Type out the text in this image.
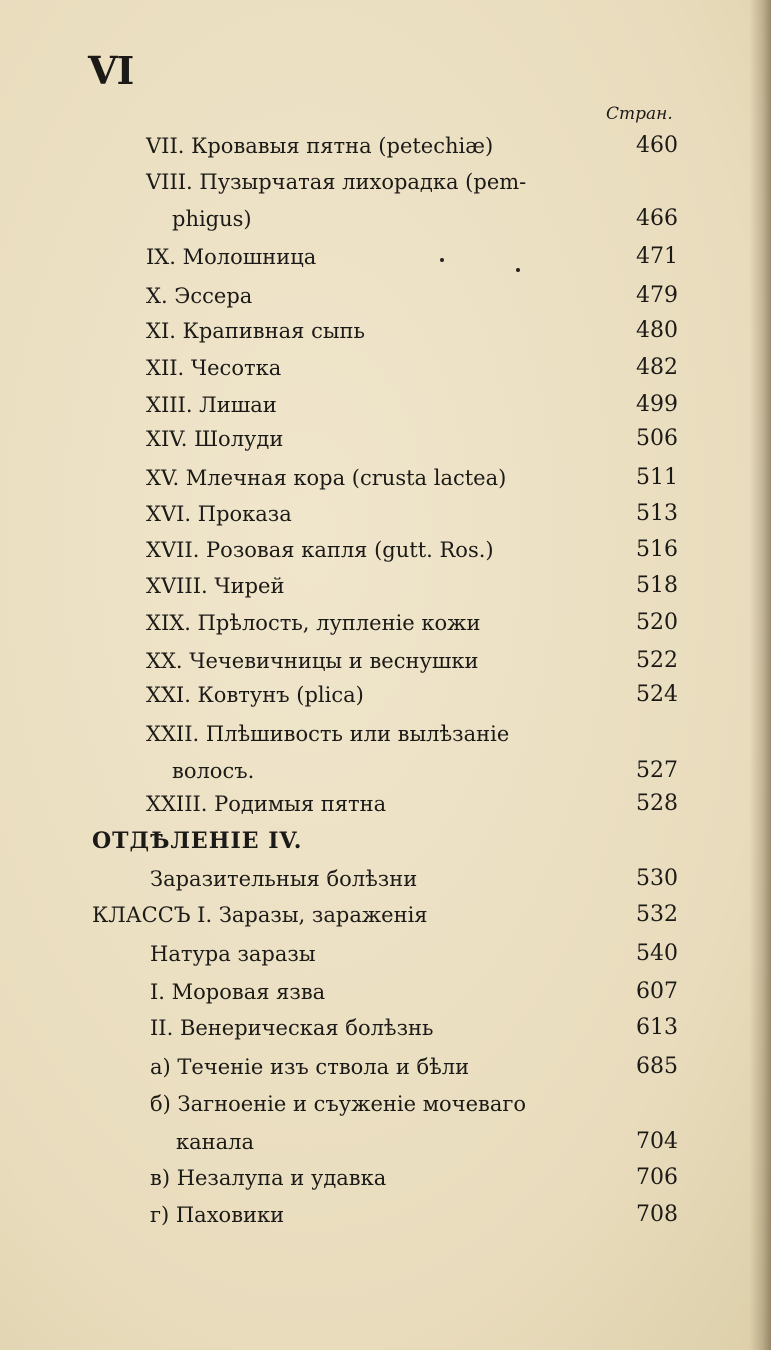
VI
Стран.
VII. Кровавыя пятна (petechiæ)	460
VIII. Пузырчатая лихорадка (pem-
phigus)	466
IX. Молошница	471
X. Эссера	479
XI. Крапивная сыпь	480
XII. Чесотка	482
XIII. Лишаи	499
XIV. Шолуди	506
XV. Млечная кора (crusta lactea)	511
XVI. Проказа	513
XVII. Розовая капля (gutt. Ros.)	516
XVIII. Чирей	518
XIX. Прѣлость, лупленіе кожи	520
XX. Чечевичницы и веснушки	522
XXI. Ковтунъ (plica)	524
XXII. Плѣшивость или вылѣзаніе
волосъ.	527
XXIII. Родимыя пятна	528
ОТДѢЛЕНІЕ IV.
Заразительныя болѣзни	530
КЛАССЪ I. Заразы, зараженія	532
Натура заразы	540
I. Моровая язва	607
II. Венерическая болѣзнь	613
а) Теченіе изъ ствола и бѣли	685
б) Загноеніе и съуженіе мочеваго
канала	704
в) Незалупа и удавка	706
г) Паховики	708
